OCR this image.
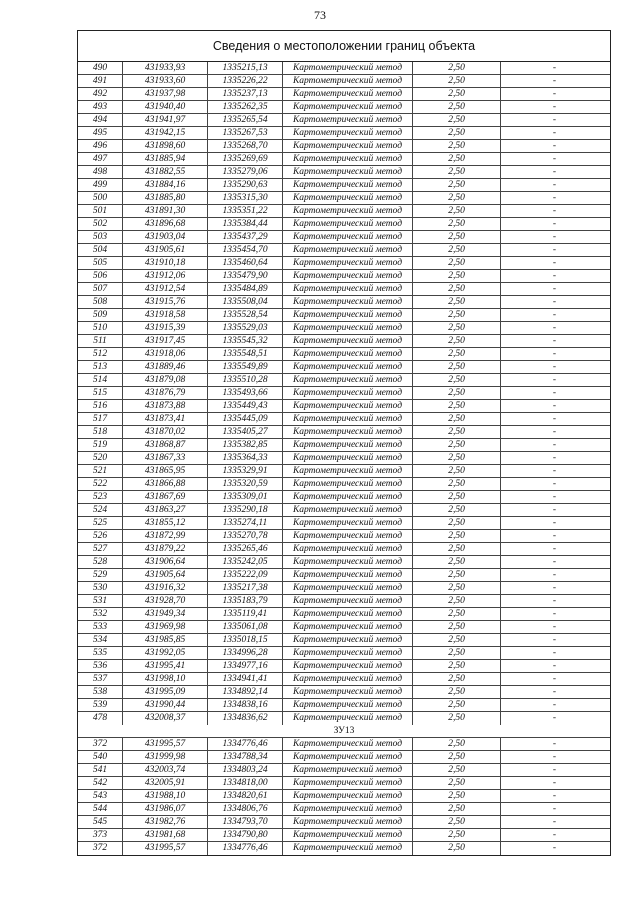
73
Сведения о местоположении границ объекта
490	431933,93	1335215,13	Картометрический метод	2,50	-
491	431933,60	1335226,22	Картометрический метод	2,50	-
492	431937,98	1335237,13	Картометрический метод	2,50	-
493	431940,40	1335262,35	Картометрический метод	2,50	-
494	431941,97	1335265,54	Картометрический метод	2,50	-
495	431942,15	1335267,53	Картометрический метод	2,50	-
496	431898,60	1335268,70	Картометрический метод	2,50	-
497	431885,94	1335269,69	Картометрический метод	2,50	-
498	431882,55	1335279,06	Картометрический метод	2,50	-
499	431884,16	1335290,63	Картометрический метод	2,50	-
500	431885,80	1335315,30	Картометрический метод	2,50	-
501	431891,30	1335351,22	Картометрический метод	2,50	-
502	431896,68	1335384,44	Картометрический метод	2,50	-
503	431903,04	1335437,29	Картометрический метод	2,50	-
504	431905,61	1335454,70	Картометрический метод	2,50	-
505	431910,18	1335460,64	Картометрический метод	2,50	-
506	431912,06	1335479,90	Картометрический метод	2,50	-
507	431912,54	1335484,89	Картометрический метод	2,50	-
508	431915,76	1335508,04	Картометрический метод	2,50	-
509	431918,58	1335528,54	Картометрический метод	2,50	-
510	431915,39	1335529,03	Картометрический метод	2,50	-
511	431917,45	1335545,32	Картометрический метод	2,50	-
512	431918,06	1335548,51	Картометрический метод	2,50	-
513	431889,46	1335549,89	Картометрический метод	2,50	-
514	431879,08	1335510,28	Картометрический метод	2,50	-
515	431876,79	1335493,66	Картометрический метод	2,50	-
516	431873,88	1335449,43	Картометрический метод	2,50	-
517	431873,41	1335445,09	Картометрический метод	2,50	-
518	431870,02	1335405,27	Картометрический метод	2,50	-
519	431868,87	1335382,85	Картометрический метод	2,50	-
520	431867,33	1335364,33	Картометрический метод	2,50	-
521	431865,95	1335329,91	Картометрический метод	2,50	-
522	431866,88	1335320,59	Картометрический метод	2,50	-
523	431867,69	1335309,01	Картометрический метод	2,50	-
524	431863,27	1335290,18	Картометрический метод	2,50	-
525	431855,12	1335274,11	Картометрический метод	2,50	-
526	431872,99	1335270,78	Картометрический метод	2,50	-
527	431879,22	1335265,46	Картометрический метод	2,50	-
528	431906,64	1335242,05	Картометрический метод	2,50	-
529	431905,64	1335222,09	Картометрический метод	2,50	-
530	431916,32	1335217,38	Картометрический метод	2,50	-
531	431928,70	1335183,79	Картометрический метод	2,50	-
532	431949,34	1335119,41	Картометрический метод	2,50	-
533	431969,98	1335061,08	Картометрический метод	2,50	-
534	431985,85	1335018,15	Картометрический метод	2,50	-
535	431992,05	1334996,28	Картометрический метод	2,50	-
536	431995,41	1334977,16	Картометрический метод	2,50	-
537	431998,10	1334941,41	Картометрический метод	2,50	-
538	431995,09	1334892,14	Картометрический метод	2,50	-
539	431990,44	1334838,16	Картометрический метод	2,50	-
478	432008,37	1334836,62	Картометрический метод	2,50	-
ЗУ13
372	431995,57	1334776,46	Картометрический метод	2,50	-
540	431999,98	1334788,34	Картометрический метод	2,50	-
541	432003,74	1334803,24	Картометрический метод	2,50	-
542	432005,91	1334818,00	Картометрический метод	2,50	-
543	431988,10	1334820,61	Картометрический метод	2,50	-
544	431986,07	1334806,76	Картометрический метод	2,50	-
545	431982,76	1334793,70	Картометрический метод	2,50	-
373	431981,68	1334790,80	Картометрический метод	2,50	-
372	431995,57	1334776,46	Картометрический метод	2,50	-
